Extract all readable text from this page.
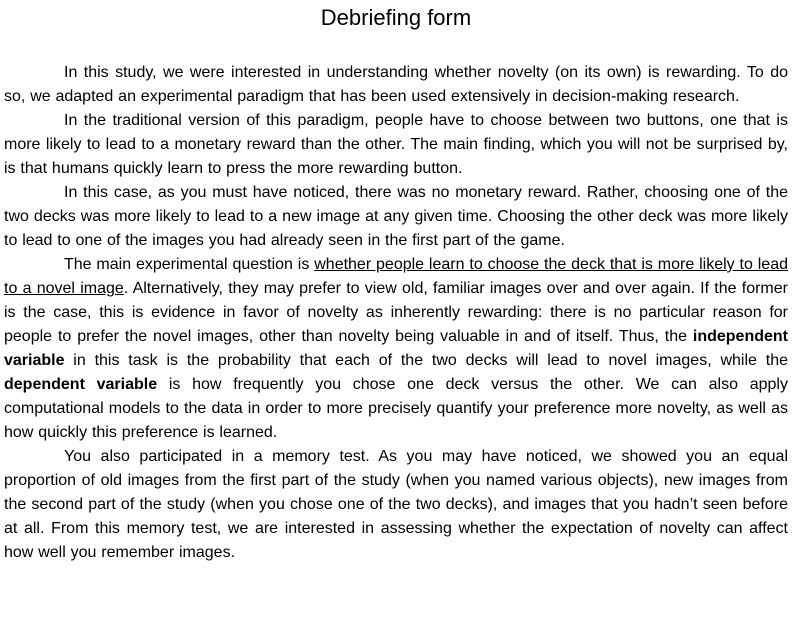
Debriefing form

In this study, we were interested in understanding whether novelty (on its own) is rewarding. To do so, we adapted an experimental paradigm that has been used extensively in decision-making research.

In the traditional version of this paradigm, people have to choose between two buttons, one that is more likely to lead to a monetary reward than the other. The main finding, which you will not be surprised by, is that humans quickly learn to press the more rewarding button.

In this case, as you must have noticed, there was no monetary reward. Rather, choosing one of the two decks was more likely to lead to a new image at any given time. Choosing the other deck was more likely to lead to one of the images you had already seen in the first part of the game.

The main experimental question is whether people learn to choose the deck that is more likely to lead to a novel image. Alternatively, they may prefer to view old, familiar images over and over again. If the former is the case, this is evidence in favor of novelty as inherently rewarding: there is no particular reason for people to prefer the novel images, other than novelty being valuable in and of itself. Thus, the independent variable in this task is the probability that each of the two decks will lead to novel images, while the dependent variable is how frequently you chose one deck versus the other. We can also apply computational models to the data in order to more precisely quantify your preference more novelty, as well as how quickly this preference is learned.

You also participated in a memory test. As you may have noticed, we showed you an equal proportion of old images from the first part of the study (when you named various objects), new images from the second part of the study (when you chose one of the two decks), and images that you hadn’t seen before at all. From this memory test, we are interested in assessing whether the expectation of novelty can affect how well you remember images.
